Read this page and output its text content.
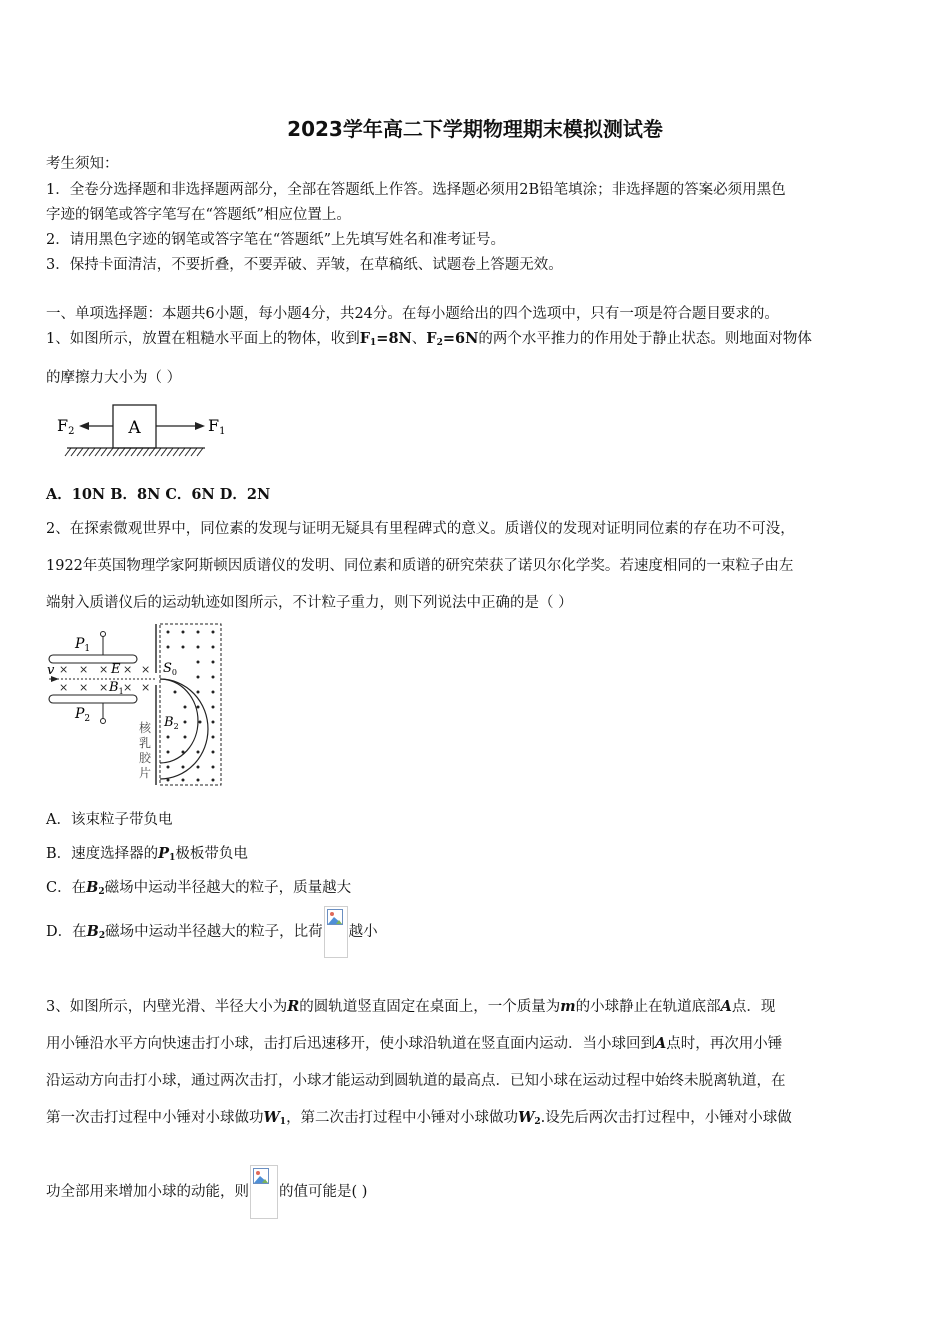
2023学年高二下学期物理期末模拟测试卷
考生须知：
1．全卷分选择题和非选择题两部分，全部在答题纸上作答。选择题必须用2B铅笔填涂；非选择题的答案必须用黑色
字迹的钢笔或答字笔写在“答题纸”相应位置上。
2．请用黑色字迹的钢笔或答字笔在“答题纸”上先填写姓名和准考证号。
3．保持卡面清洁，不要折叠，不要弄破、弄皱，在草稿纸、试题卷上答题无效。
一、单项选择题：本题共6小题，每小题4分，共24分。在每小题给出的四个选项中，只有一项是符合题目要求的。
1、如图所示，放置在粗糙水平面上的物体，收到$F_1=8N$、$F_2=6N$的两个水平推力的作用处于静止状态。则地面对物体
的摩擦力大小为（ ）
A
F2	F1
A．10N B．8N C．6N D．2N
2、在探索微观世界中，同位素的发现与证明无疑具有里程碑式的意义。质谱仪的发现对证明同位素的存在功不可没，
1922年英国物理学家阿斯顿因质谱仪的发明、同位素和质谱的研究荣获了诺贝尔化学奖。若速度相同的一束粒子由左
端射入质谱仪后的运动轨迹如图所示，不计粒子重力，则下列说法中正确的是（ ）
$P_1$
$P_2$
v × × × × ×
× × × × ×
E
$B_1$
$S_0$
$B_2$
核
乳
胶
片
A．该束粒子带负电
B．速度选择器的$P_1$极板带负电
C．在$B_2$磁场中运动半径越大的粒子，质量越大
D．在$B_2$磁场中运动半径越大的粒子，比荷 越小
3、如图所示，内壁光滑、半径大小为R的圆轨道竖直固定在桌面上，一个质量为m的小球静止在轨道底部A点．现
用小锤沿水平方向快速击打小球，击打后迅速移开，使小球沿轨道在竖直面内运动．当小球回到A点时，再次用小锤
沿运动方向击打小球，通过两次击打，小球才能运动到圆轨道的最高点．已知小球在运动过程中始终未脱离轨道，在
第一次击打过程中小锤对小球做功$W_1$，第二次击打过程中小锤对小球做功$W_2$.设先后两次击打过程中，小锤对小球做
功全部用来增加小球的动能，则 的值可能是( )
